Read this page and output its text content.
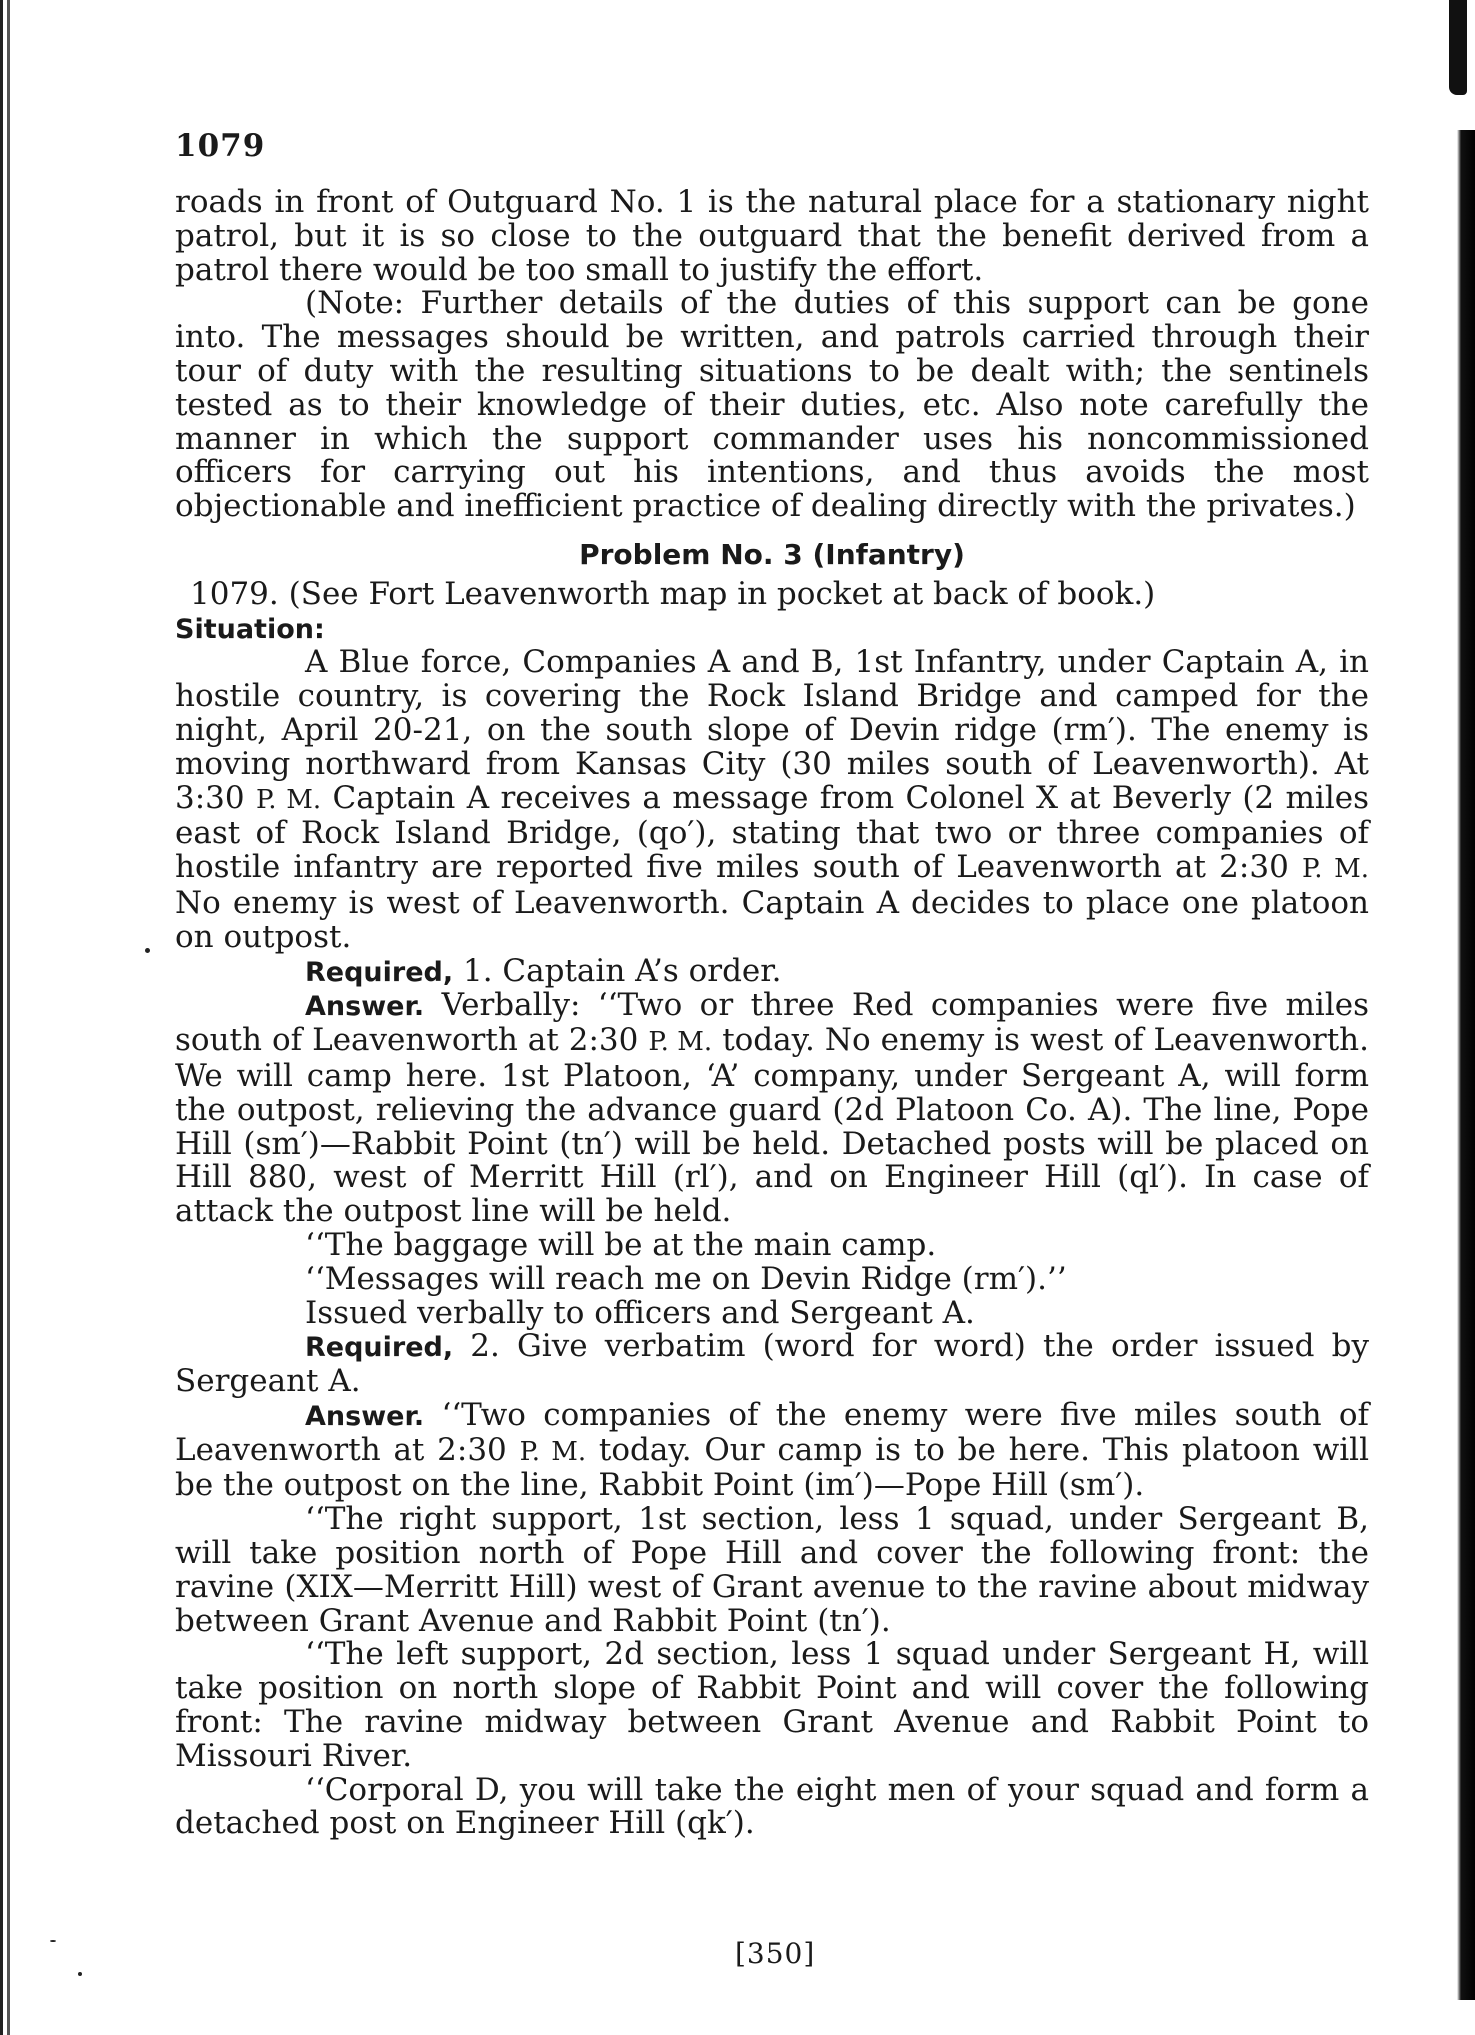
1079

roads in front of Outguard No. 1 is the natural place for a stationary night patrol, but it is so close to the outguard that the benefit derived from a patrol there would be too small to justify the effort.

(Note: Further details of the duties of this support can be gone into. The messages should be written, and patrols carried through their tour of duty with the resulting situations to be dealt with; the sentinels tested as to their knowledge of their duties, etc. Also note carefully the manner in which the support commander uses his noncommissioned officers for carrying out his intentions, and thus avoids the most objectionable and inefficient practice of dealing directly with the privates.)

Problem No. 3 (Infantry)

1079. (See Fort Leavenworth map in pocket at back of book.)

Situation:

A Blue force, Companies A and B, 1st Infantry, under Captain A, in hostile country, is covering the Rock Island Bridge and camped for the night, April 20-21, on the south slope of Devin ridge (rm′). The enemy is moving northward from Kansas City (30 miles south of Leavenworth). At 3:30 P. M. Captain A receives a message from Colonel X at Beverly (2 miles east of Rock Island Bridge, (qo′), stating that two or three companies of hostile infantry are reported five miles south of Leavenworth at 2:30 P. M. No enemy is west of Leavenworth. Captain A decides to place one platoon on outpost.

Required, 1. Captain A’s order.

Answer. Verbally: ‘‘Two or three Red companies were five miles south of Leavenworth at 2:30 P. M. today. No enemy is west of Leavenworth. We will camp here. 1st Platoon, ‘A’ company, under Sergeant A, will form the outpost, relieving the advance guard (2d Platoon Co. A). The line, Pope Hill (sm′)—Rabbit Point (tn′) will be held. Detached posts will be placed on Hill 880, west of Merritt Hill (rl′), and on Engineer Hill (ql′). In case of attack the outpost line will be held.

‘‘The baggage will be at the main camp.

‘‘Messages will reach me on Devin Ridge (rm′).’’

Issued verbally to officers and Sergeant A.

Required, 2. Give verbatim (word for word) the order issued by Sergeant A.

Answer. ‘‘Two companies of the enemy were five miles south of Leavenworth at 2:30 P. M. today. Our camp is to be here. This platoon will be the outpost on the line, Rabbit Point (im′)—Pope Hill (sm′).

‘‘The right support, 1st section, less 1 squad, under Sergeant B, will take position north of Pope Hill and cover the following front: the ravine (XIX—Merritt Hill) west of Grant avenue to the ravine about midway between Grant Avenue and Rabbit Point (tn′).

‘‘The left support, 2d section, less 1 squad under Sergeant H, will take position on north slope of Rabbit Point and will cover the following front: The ravine midway between Grant Avenue and Rabbit Point to Missouri River.

‘‘Corporal D, you will take the eight men of your squad and form a detached post on Engineer Hill (qk′).

[350]
